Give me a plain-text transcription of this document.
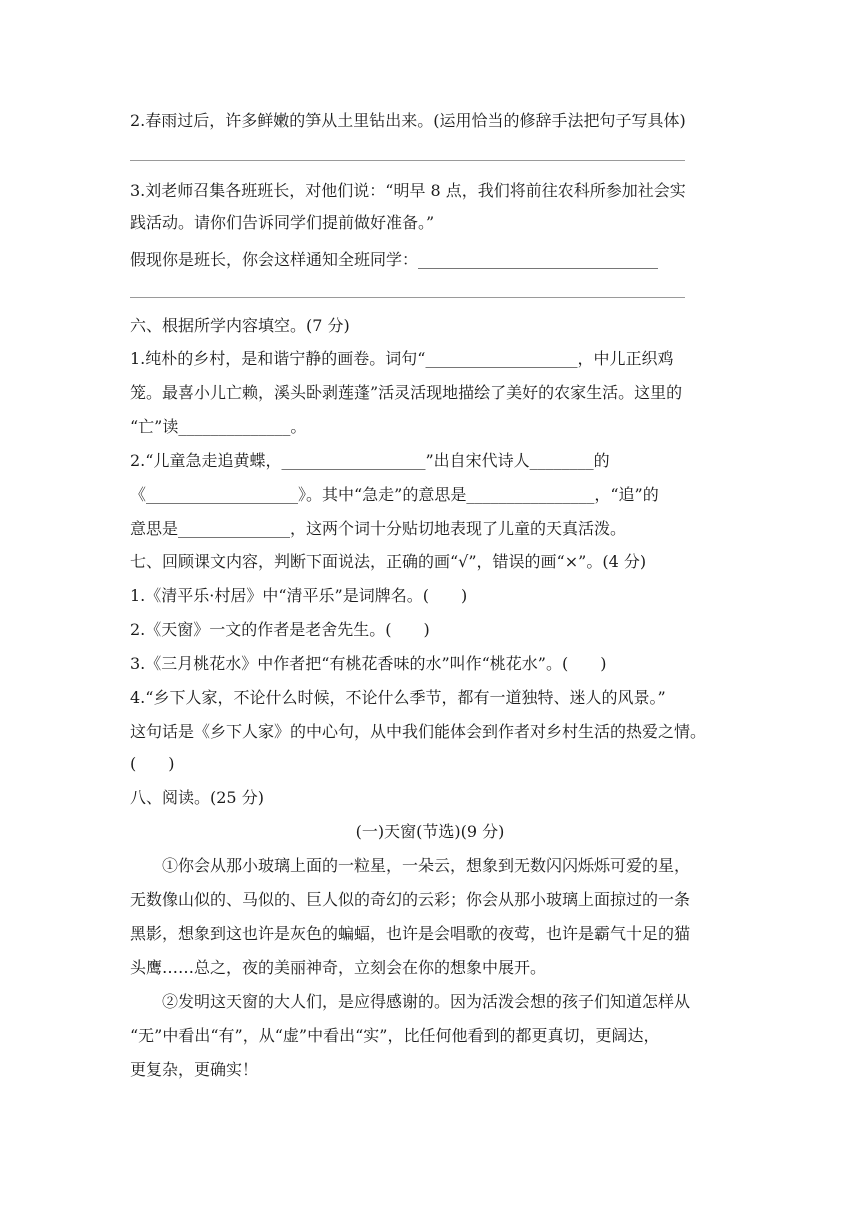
2.春雨过后，许多鲜嫩的笋从土里钻出来。(运用恰当的修辞手法把句子写具体)
3.刘老师召集各班班长，对他们说：“明早 8 点，我们将前往农科所参加社会实
践活动。请你们告诉同学们提前做好准备。”
假现你是班长，你会这样通知全班同学：______________________________
六、根据所学内容填空。(7 分)
1.纯朴的乡村，是和谐宁静的画卷。词句“___________________，中儿正织鸡
笼。最喜小儿亡赖，溪头卧剥莲蓬”活灵活现地描绘了美好的农家生活。这里的
“亡”读______________。
2.“儿童急走追黄蝶，__________________”出自宋代诗人________的
《___________________》。其中“急走”的意思是________________，“追”的
意思是______________，这两个词十分贴切地表现了儿童的天真活泼。
七、回顾课文内容，判断下面说法，正确的画“√”，错误的画“×”。(4 分)
1.《清平乐·村居》中“清平乐”是词牌名。(　　)
2.《天窗》一文的作者是老舍先生。(　　)
3.《三月桃花水》中作者把“有桃花香味的水”叫作“桃花水”。(　　)
4.“乡下人家，不论什么时候，不论什么季节，都有一道独特、迷人的风景。”
这句话是《乡下人家》的中心句，从中我们能体会到作者对乡村生活的热爱之情。
(　　)
八、阅读。(25 分)
(一)天窗(节选)(9 分)
　　①你会从那小玻璃上面的一粒星，一朵云，想象到无数闪闪烁烁可爱的星，
无数像山似的、马似的、巨人似的奇幻的云彩；你会从那小玻璃上面掠过的一条
黑影，想象到这也许是灰色的蝙蝠，也许是会唱歌的夜莺，也许是霸气十足的猫
头鹰……总之，夜的美丽神奇，立刻会在你的想象中展开。
　　②发明这天窗的大人们，是应得感谢的。因为活泼会想的孩子们知道怎样从
“无”中看出“有”，从“虚”中看出“实”，比任何他看到的都更真切，更阔达，
更复杂，更确实！
